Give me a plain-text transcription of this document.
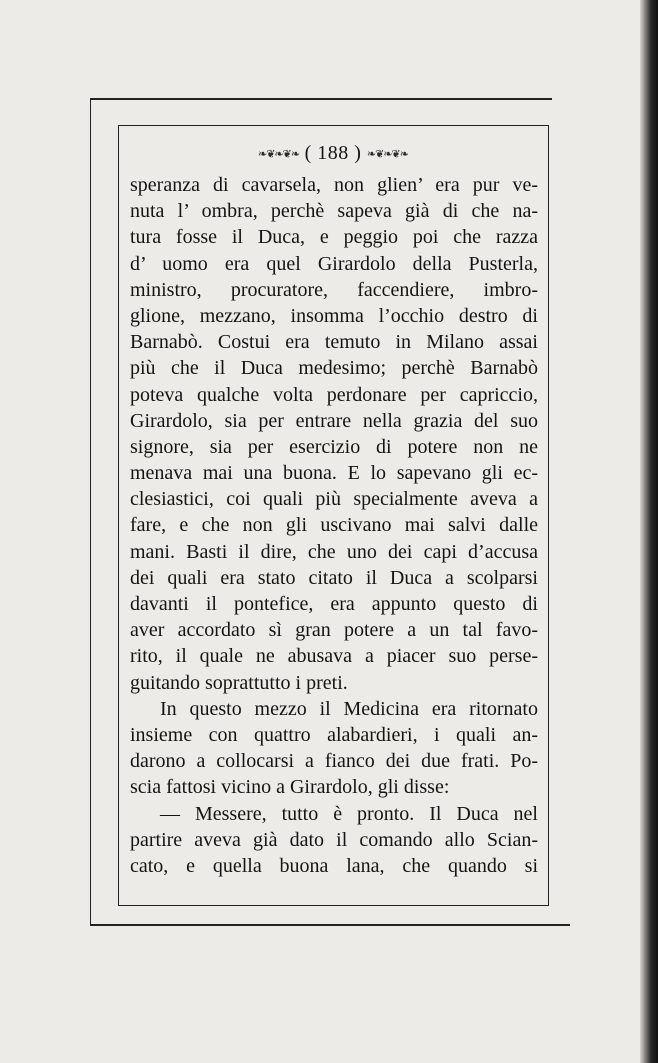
❧❦❧❦❧ ( 188 ) ❧❦❧❦❧
speranza di cavarsela, non glien’ era pur ve-
nuta l’ ombra, perchè sapeva già di che na-
tura fosse il Duca, e peggio poi che razza
d’ uomo era quel Girardolo della Pusterla,
ministro, procuratore, faccendiere, imbro-
glione, mezzano, insomma l’occhio destro di
Barnabò. Costui era temuto in Milano assai
più che il Duca medesimo; perchè Barnabò
poteva qualche volta perdonare per capriccio,
Girardolo, sia per entrare nella grazia del suo
signore, sia per esercizio di potere non ne
menava mai una buona. E lo sapevano gli ec-
clesiastici, coi quali più specialmente aveva a
fare, e che non gli uscivano mai salvi dalle
mani. Basti il dire, che uno dei capi d’accusa
dei quali era stato citato il Duca a scolparsi
davanti il pontefice, era appunto questo di
aver accordato sì gran potere a un tal favo-
rito, il quale ne abusava a piacer suo perse-
guitando soprattutto i preti.
In questo mezzo il Medicina era ritornato
insieme con quattro alabardieri, i quali an-
darono a collocarsi a fianco dei due frati. Po-
scia fattosi vicino a Girardolo, gli disse:
— Messere, tutto è pronto. Il Duca nel
partire aveva già dato il comando allo Scian-
cato, e quella buona lana, che quando si
